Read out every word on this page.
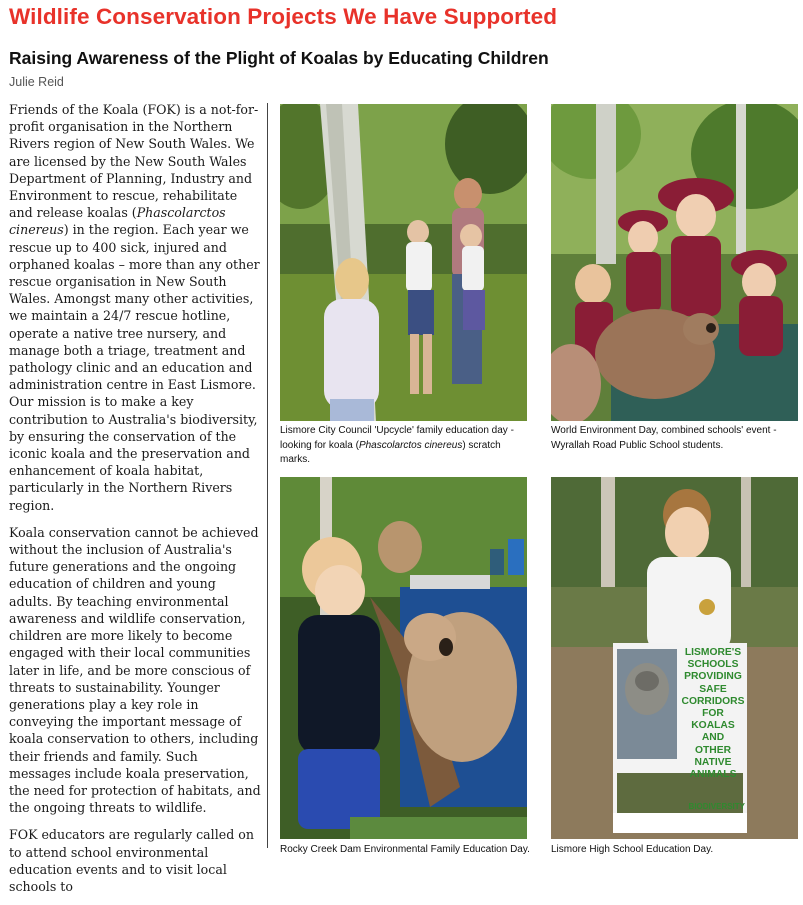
Wildlife Conservation Projects We Have Supported
Raising Awareness of the Plight of Koalas by Educating Children
Julie Reid

Friends of the Koala (FOK) is a not-for-profit organisation in the Northern Rivers region of New South Wales. We are licensed by the New South Wales Department of Planning, Industry and Environment to rescue, rehabilitate and release koalas (Phascolarctos cinereus) in the region. Each year we rescue up to 400 sick, injured and orphaned koalas – more than any other rescue organisation in New South Wales. Amongst many other activities, we maintain a 24/7 rescue hotline, operate a native tree nursery, and manage both a triage, treatment and pathology clinic and an education and administration centre in East Lismore. Our mission is to make a key contribution to Australia's biodiversity, by ensuring the conservation of the iconic koala and the preservation and enhancement of koala habitat, particularly in the Northern Rivers region.

Koala conservation cannot be achieved without the inclusion of Australia's future generations and the ongoing education of children and young adults. By teaching environmental awareness and wildlife conservation, children are more likely to become engaged with their local communities later in life, and be more conscious of threats to sustainability. Younger generations play a key role in conveying the important message of koala conservation to others, including their friends and family. Such messages include koala preservation, the need for protection of habitats, and the ongoing threats to wildlife.

FOK educators are regularly called on to attend school environmental education events and to visit local schools to

Lismore City Council 'Upcycle' family education day - looking for koala (Phascolarctos cinereus) scratch marks.
World Environment Day, combined schools' event - Wyrallah Road Public School students.
Rocky Creek Dam Environmental Family Education Day.
LISMORE'S
SCHOOLS
PROVIDING
SAFE
CORRIDORS
FOR
KOALAS
AND
OTHER
NATIVE
ANIMALS
BIODIVERSITY
Lismore High School Education Day.
